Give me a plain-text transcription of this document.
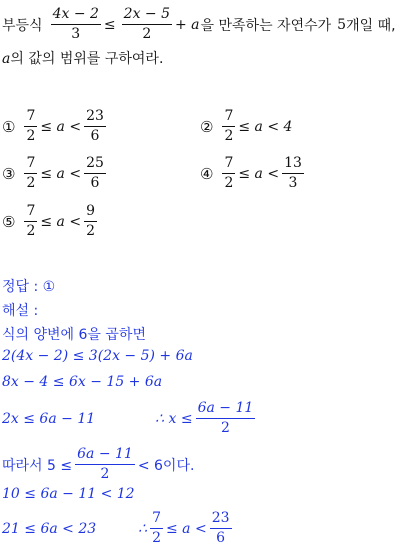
부등식 $\frac{4x - 2}{3} \le \frac{2x - 5}{2} + a$ 을 만족하는 자연수가 5 개일 때,
a의 값의 범위를 구하여라.
① $\frac{7}{2} \le a < \frac{23}{6}$	② $\frac{7}{2} \le a < 4$
③ $\frac{7}{2} \le a < \frac{25}{6}$	④ $\frac{7}{2} \le a < \frac{13}{3}$
⑤ $\frac{7}{2} \le a < \frac{9}{2}$
정답 : ①
해설 :
식의 양변에 6을 곱하면
2(4x − 2) ≤ 3(2x − 5) + 6a
8x − 4 ≤ 6x − 15 + 6a
2x ≤ 6a − 11	∴ $x \le \frac{6a - 11}{2}$
따라서 $5 \le \frac{6a - 11}{2} < 6$이다.
10 ≤ 6a − 11 < 12
21 ≤ 6a < 23	∴ $\frac{7}{2} \le a < \frac{23}{6}$
